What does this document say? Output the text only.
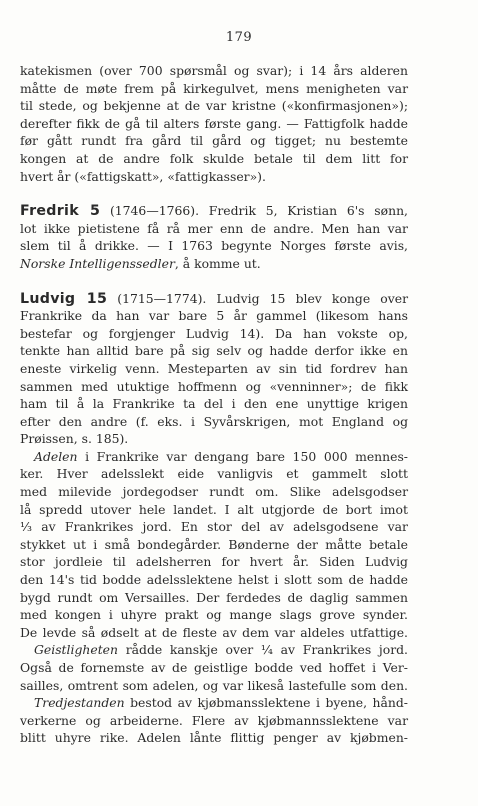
179
katekismen (over 700 spørsmål og svar); i 14 års alderen
måtte de møte frem på kirkegulvet, mens menigheten var
til stede, og bekjenne at de var kristne («konfirmasjonen»);
derefter fikk de gå til alters første gang. — Fattigfolk hadde
før gått rundt fra gård til gård og tigget; nu bestemte
kongen at de andre folk skulde betale til dem litt for
hvert år («fattigskatt», «fattigkasser»).
Fredrik 5 (1746—1766). Fredrik 5, Kristian 6's sønn,
lot ikke pietistene få rå mer enn de andre. Men han var
slem til å drikke. — I 1763 begynte Norges første avis,
Norske Intelligenssedler, å komme ut.
Ludvig 15 (1715—1774). Ludvig 15 blev konge over
Frankrike da han var bare 5 år gammel (likesom hans
bestefar og forgjenger Ludvig 14). Da han vokste op,
tenkte han alltid bare på sig selv og hadde derfor ikke en
eneste virkelig venn. Mesteparten av sin tid fordrev han
sammen med utuktige hoffmenn og «venninner»; de fikk
ham til å la Frankrike ta del i den ene unyttige krigen
efter den andre (f. eks. i Syvårskrigen, mot England og
Prøissen, s. 185).
Adelen i Frankrike var dengang bare 150 000 mennes-
ker. Hver adelsslekt eide vanligvis et gammelt slott
med milevide jordegodser rundt om. Slike adelsgodser
lå spredd utover hele landet. I alt utgjorde de bort imot
⅓ av Frankrikes jord. En stor del av adelsgodsene var
stykket ut i små bondegårder. Bønderne der måtte betale
stor jordleie til adelsherren for hvert år. Siden Ludvig
den 14's tid bodde adelsslektene helst i slott som de hadde
bygd rundt om Versailles. Der ferdedes de daglig sammen
med kongen i uhyre prakt og mange slags grove synder.
De levde så ødselt at de fleste av dem var aldeles utfattige.
Geistligheten rådde kanskje over ¼ av Frankrikes jord.
Også de fornemste av de geistlige bodde ved hoffet i Ver-
sailles, omtrent som adelen, og var likeså lastefulle som den.
Tredjestanden bestod av kjøbmansslektene i byene, hånd-
verkerne og arbeiderne. Flere av kjøbmannsslektene var
blitt uhyre rike. Adelen lånte flittig penger av kjøbmen-
